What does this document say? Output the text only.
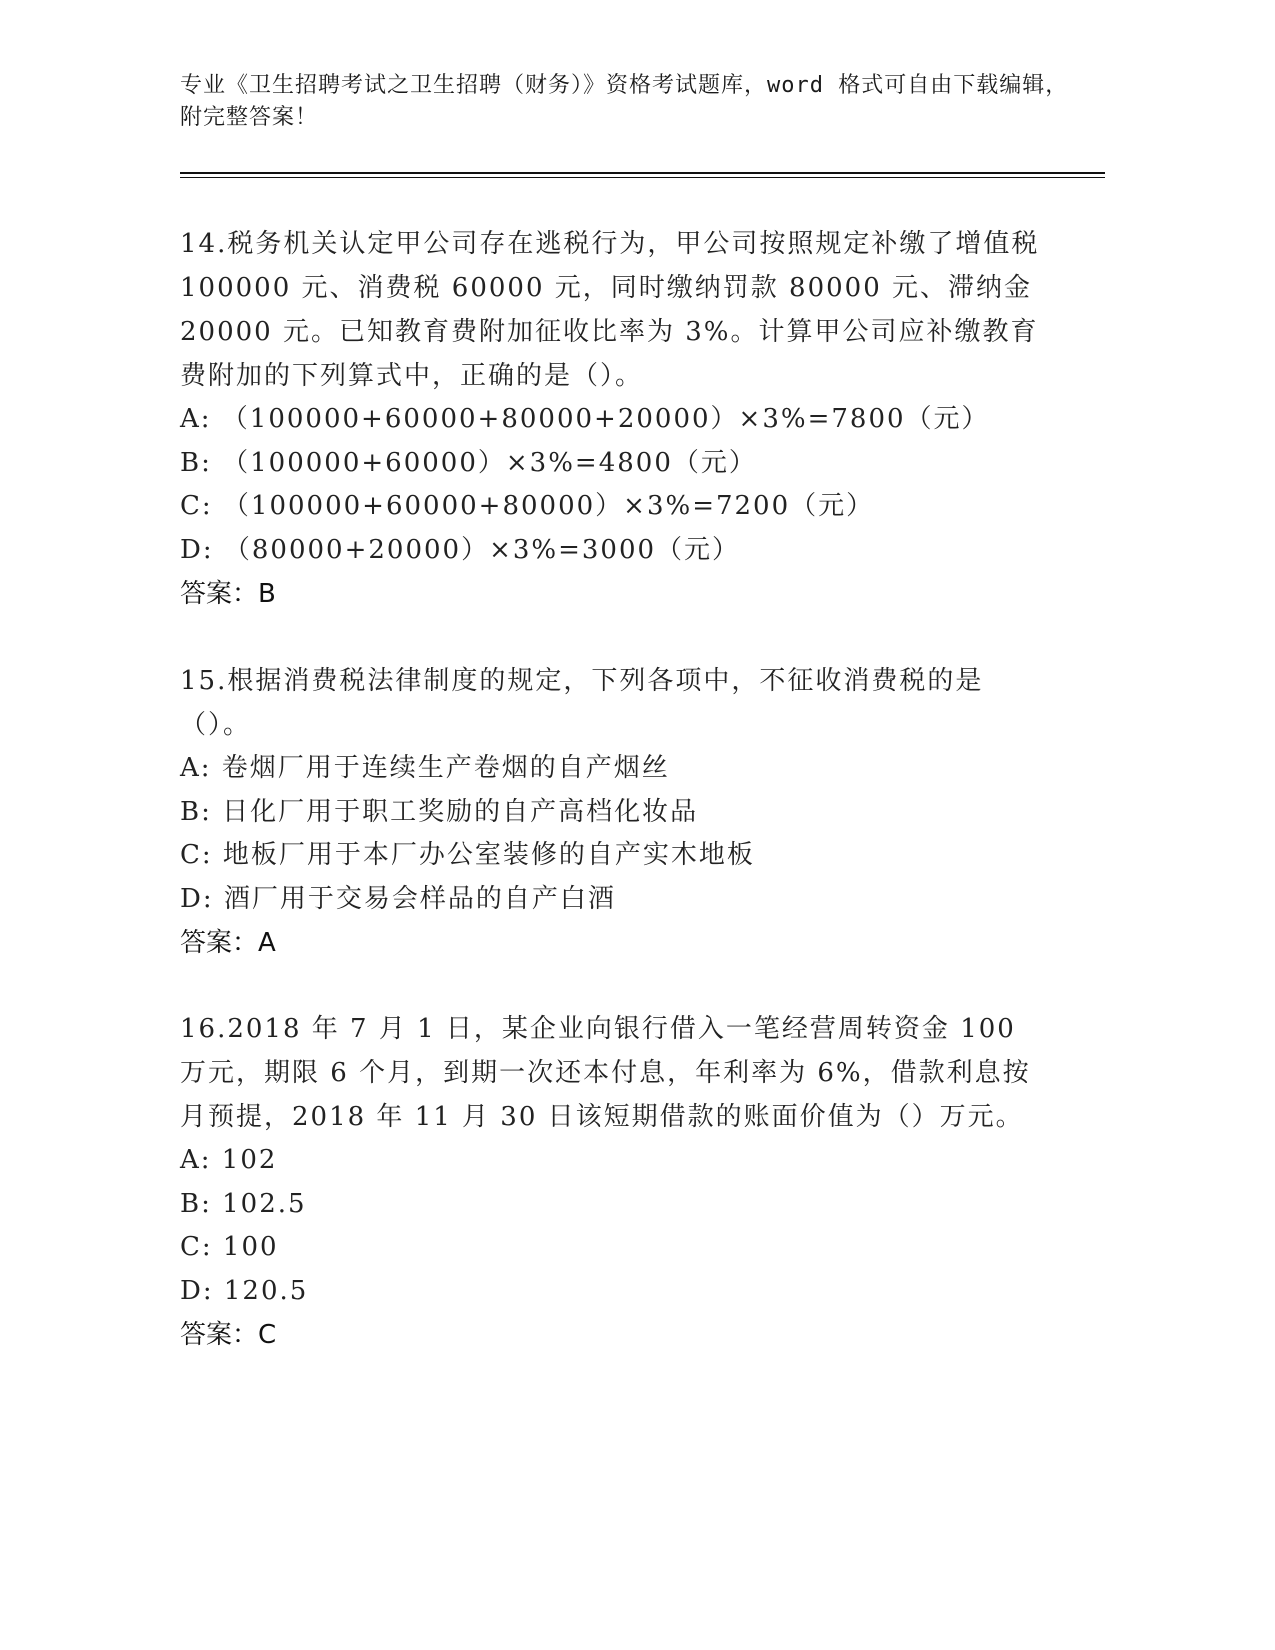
专业《卫生招聘考试之卫生招聘（财务）》资格考试题库，word 格式可自由下载编辑，附完整答案！

14.税务机关认定甲公司存在逃税行为，甲公司按照规定补缴了增值税 100000 元、消费税 60000 元，同时缴纳罚款 80000 元、滞纳金 20000 元。已知教育费附加征收比率为 3%。计算甲公司应补缴教育费附加的下列算式中，正确的是（）。

A: （100000+60000+80000+20000）×3%=7800（元）

B: （100000+60000）×3%=4800（元）

C: （100000+60000+80000）×3%=7200（元）

D: （80000+20000）×3%=3000（元）

答案：B

15.根据消费税法律制度的规定，下列各项中，不征收消费税的是（）。

A: 卷烟厂用于连续生产卷烟的自产烟丝

B: 日化厂用于职工奖励的自产高档化妆品

C: 地板厂用于本厂办公室装修的自产实木地板

D: 酒厂用于交易会样品的自产白酒

答案：A

16.2018 年 7 月 1 日，某企业向银行借入一笔经营周转资金 100 万元，期限 6 个月，到期一次还本付息，年利率为 6%，借款利息按月预提，2018 年 11 月 30 日该短期借款的账面价值为（）万元。

A: 102

B: 102.5

C: 100

D: 120.5

答案：C
